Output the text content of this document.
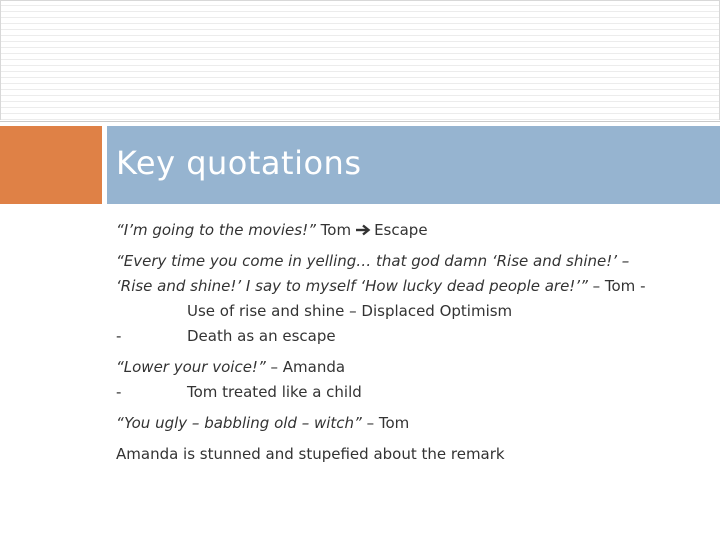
Key quotations
“I’m going to the movies!” Tom Escape
“Every time you come in yelling… that god damn ‘Rise and shine!’ –
‘Rise and shine!’ I say to myself ‘How lucky dead people are!’” – Tom -
Use of rise and shine – Displaced Optimism
-	Death as an escape
“Lower your voice!” – Amanda
-	Tom treated like a child
“You ugly – babbling old – witch” – Tom
Amanda is stunned and stupefied about the remark
